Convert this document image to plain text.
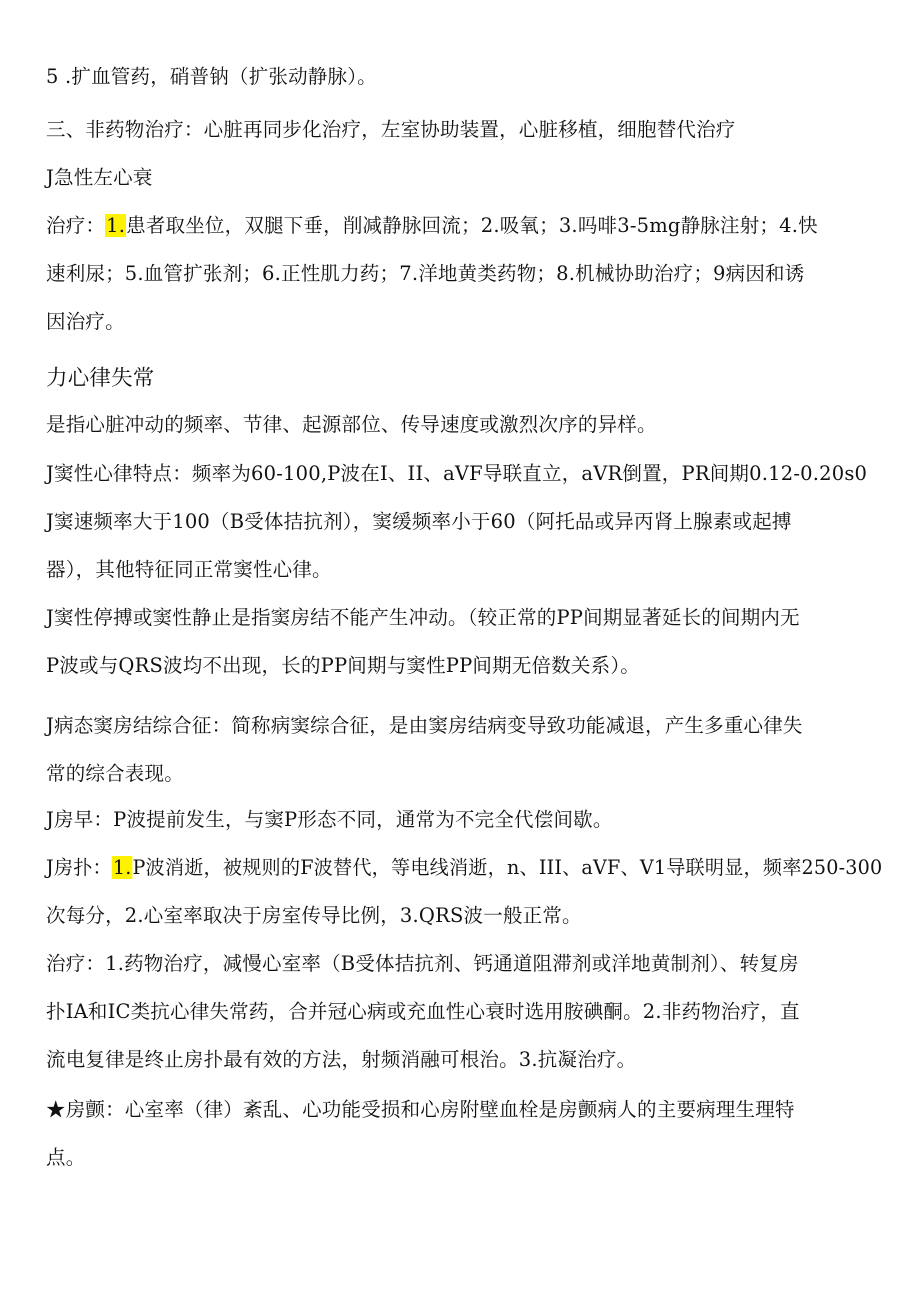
5 .扩血管药，硝普钠（扩张动静脉）。
三、非药物治疗：心脏再同步化治疗，左室协助装置，心脏移植，细胞替代治疗
J急性左心衰
治疗：1.患者取坐位，双腿下垂，削减静脉回流；2.吸氧；3.吗啡3-5mg静脉注射；4.快
速利尿；5.血管扩张剂；6.正性肌力药；7.洋地黄类药物；8.机械协助治疗；9病因和诱
因治疗。
力心律失常
是指心脏冲动的频率、节律、起源部位、传导速度或激烈次序的异样。
J窦性心律特点：频率为60-100,P波在I、II、aVF导联直立，aVR倒置，PR间期0.12-0.20s0
J窦速频率大于100（B受体拮抗剂），窦缓频率小于60（阿托品或异丙肾上腺素或起搏
器），其他特征同正常窦性心律。
J窦性停搏或窦性静止是指窦房结不能产生冲动。（较正常的PP间期显著延长的间期内无
P波或与QRS波均不出现，长的PP间期与窦性PP间期无倍数关系）。
J病态窦房结综合征：简称病窦综合征，是由窦房结病变导致功能减退，产生多重心律失
常的综合表现。
J房早：P波提前发生，与窦P形态不同，通常为不完全代偿间歇。
J房扑：1.P波消逝，被规则的F波替代，等电线消逝，n、III、aVF、V1导联明显，频率250-300
次每分，2.心室率取决于房室传导比例，3.QRS波一般正常。
治疗：1.药物治疗，减慢心室率（B受体拮抗剂、钙通道阻滞剂或洋地黄制剂）、转复房
扑IA和IC类抗心律失常药，合并冠心病或充血性心衰时选用胺碘酮。2.非药物治疗，直
流电复律是终止房扑最有效的方法，射频消融可根治。3.抗凝治疗。
★房颤：心室率（律）紊乱、心功能受损和心房附壁血栓是房颤病人的主要病理生理特
点。
